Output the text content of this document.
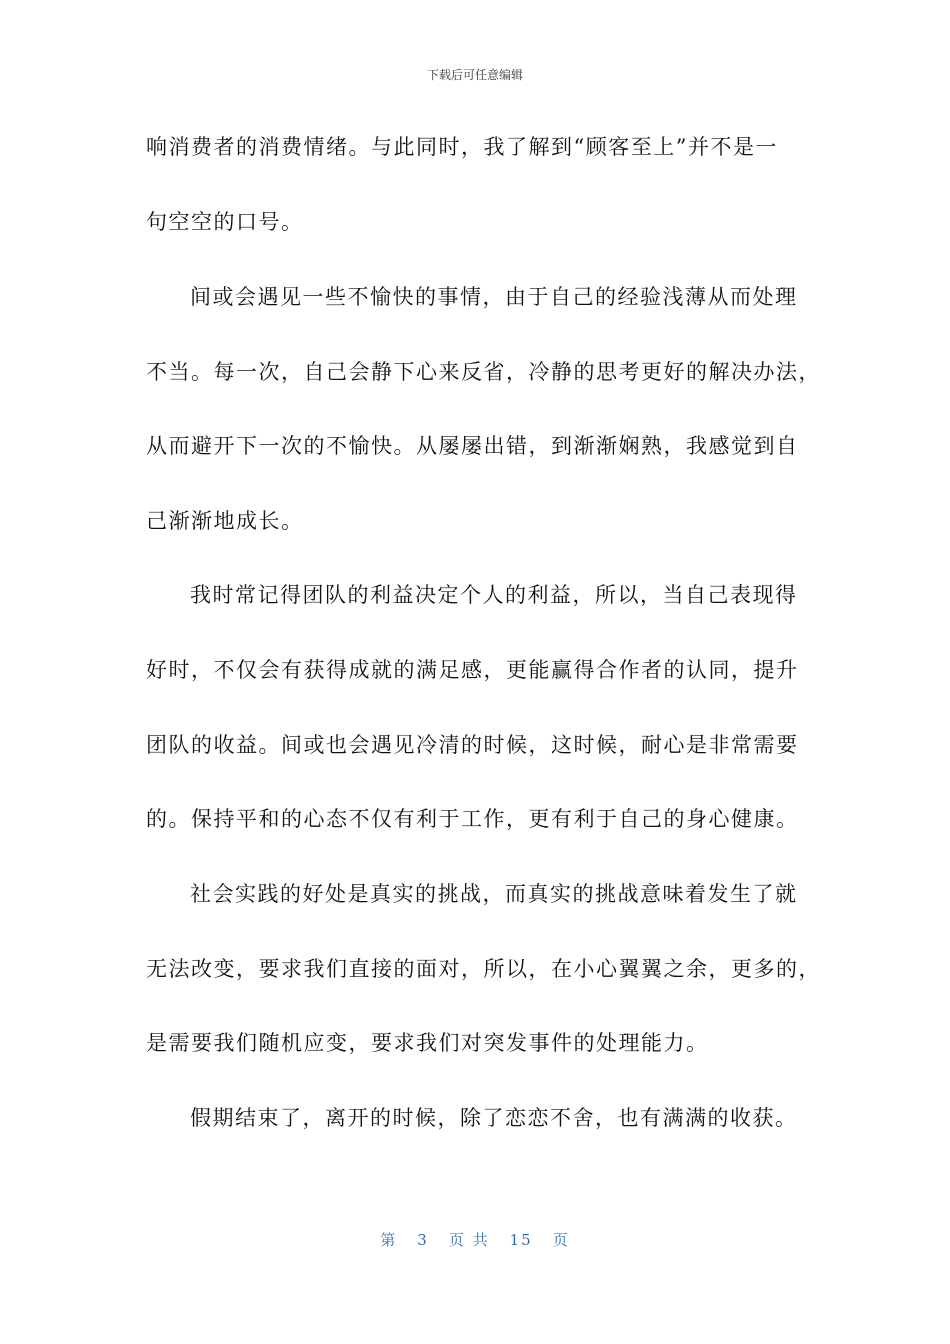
下载后可任意编辑
响消费者的消费情绪。与此同时，我了解到“顾客至上”并不是一
句空空的口号。
间或会遇见一些不愉快的事情，由于自己的经验浅薄从而处理
不当。每一次，自己会静下心来反省，冷静的思考更好的解决办法，
从而避开下一次的不愉快。从屡屡出错，到渐渐娴熟，我感觉到自
己渐渐地成长。
我时常记得团队的利益决定个人的利益，所以，当自己表现得
好时，不仅会有获得成就的满足感，更能赢得合作者的认同，提升
团队的收益。间或也会遇见冷清的时候，这时候，耐心是非常需要
的。保持平和的心态不仅有利于工作，更有利于自己的身心健康。
社会实践的好处是真实的挑战，而真实的挑战意味着发生了就
无法改变，要求我们直接的面对，所以，在小心翼翼之余，更多的，
是需要我们随机应变，要求我们对突发事件的处理能力。
假期结束了，离开的时候，除了恋恋不舍，也有满满的收获。
第 3 页 共 15 页
